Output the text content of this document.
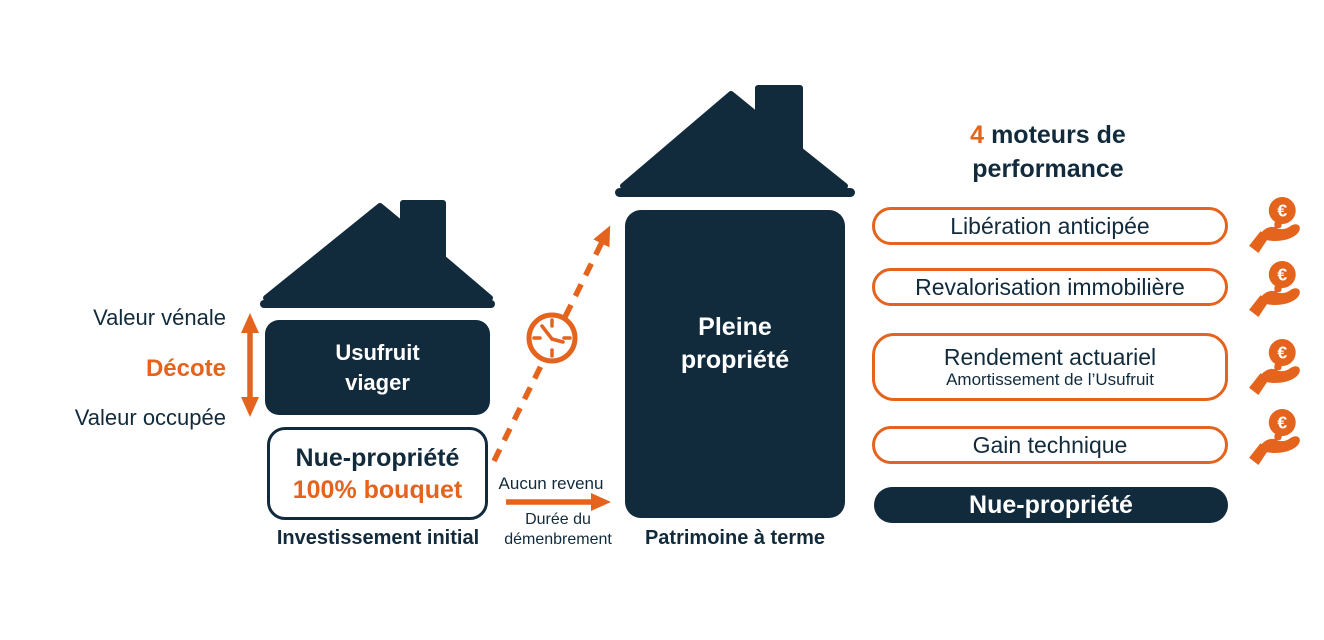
Valeur vénale
Décote
Valeur occupée
Usufruit
viager
Nue-propriété
100% bouquet
Investissement initial
Aucun revenu
Durée du
démenbrement
Pleine
propriété
Patrimoine à terme
4 moteurs de
performance
Libération anticipée
Revalorisation immobilière
Rendement actuariel
Amortissement de l’Usufruit
Gain technique
Nue-propriété
€
€
€
€
